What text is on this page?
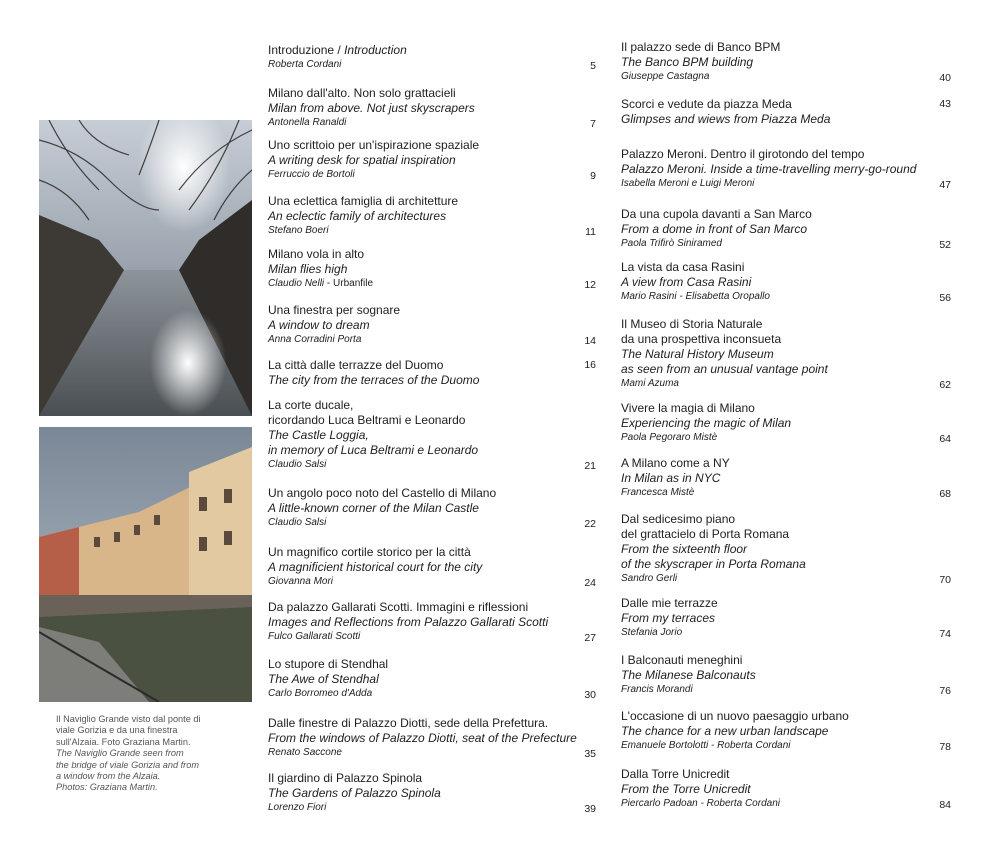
Il Naviglio Grande visto dal ponte di
viale Gorizia e da una finestra
sull'Alzaia. Foto Graziana Martin.
The Naviglio Grande seen from
the bridge of viale Gorizia and from
a window from the Alzaia.
Photos: Graziana Martin.
Introduzione / Introduction
Roberta Cordani	5
Milano dall'alto. Non solo grattacieli
Milan from above. Not just skyscrapers
Antonella Ranaldi	7
Uno scrittoio per un'ispirazione spaziale
A writing desk for spatial inspiration
Ferruccio de Bortoli	9
Una eclettica famiglia di architetture
An eclectic family of architectures
Stefano Boeri	11
Milano vola in alto
Milan flies high
Claudio Nelli - Urbanfile	12
Una finestra per sognare
A window to dream
Anna Corradini Porta	14
La città dalle terrazze del Duomo
The city from the terraces of the Duomo
16
La corte ducale,
ricordando Luca Beltrami e Leonardo
The Castle Loggia,
in memory of Luca Beltrami e Leonardo
Claudio Salsi	21
Un angolo poco noto del Castello di Milano
A little-known corner of the Milan Castle
Claudio Salsi	22
Un magnifico cortile storico per la città
A magnificient historical court for the city
Giovanna Mori	24
Da palazzo Gallarati Scotti. Immagini e riflessioni
Images and Reflections from Palazzo Gallarati Scotti
Fulco Gallarati Scotti	27
Lo stupore di Stendhal
The Awe of Stendhal
Carlo Borromeo d'Adda	30
Dalle finestre di Palazzo Diotti, sede della Prefettura.
From the windows of Palazzo Diotti, seat of the Prefecture
Renato Saccone	35
Il giardino di Palazzo Spinola
The Gardens of Palazzo Spinola
Lorenzo Fiori	39
Il palazzo sede di Banco BPM
The Banco BPM building
Giuseppe Castagna	40
Scorci e vedute da piazza Meda
Glimpses and wiews from Piazza Meda
43
Palazzo Meroni. Dentro il girotondo del tempo
Palazzo Meroni. Inside a time-travelling merry-go-round
Isabella Meroni e Luigi Meroni	47
Da una cupola davanti a San Marco
From a dome in front of San Marco
Paola Trifirò Siniramed	52
La vista da casa Rasini
A view from Casa Rasini
Mario Rasini - Elisabetta Oropallo	56
Il Museo di Storia Naturale
da una prospettiva inconsueta
The Natural History Museum
as seen from an unusual vantage point
Mami Azuma	62
Vivere la magia di Milano
Experiencing the magic of Milan
Paola Pegoraro Mistè	64
A Milano come a NY
In Milan as in NYC
Francesca Mistè	68
Dal sedicesimo piano
del grattacielo di Porta Romana
From the sixteenth floor
of the skyscraper in Porta Romana
Sandro Gerli	70
Dalle mie terrazze
From my terraces
Stefania Jorio	74
I Balconauti meneghini
The Milanese Balconauts
Francis Morandi	76
L'occasione di un nuovo paesaggio urbano
The chance for a new urban landscape
Emanuele Bortolotti - Roberta Cordani	78
Dalla Torre Unicredit
From the Torre Unicredit
Piercarlo Padoan - Roberta Cordani	84
